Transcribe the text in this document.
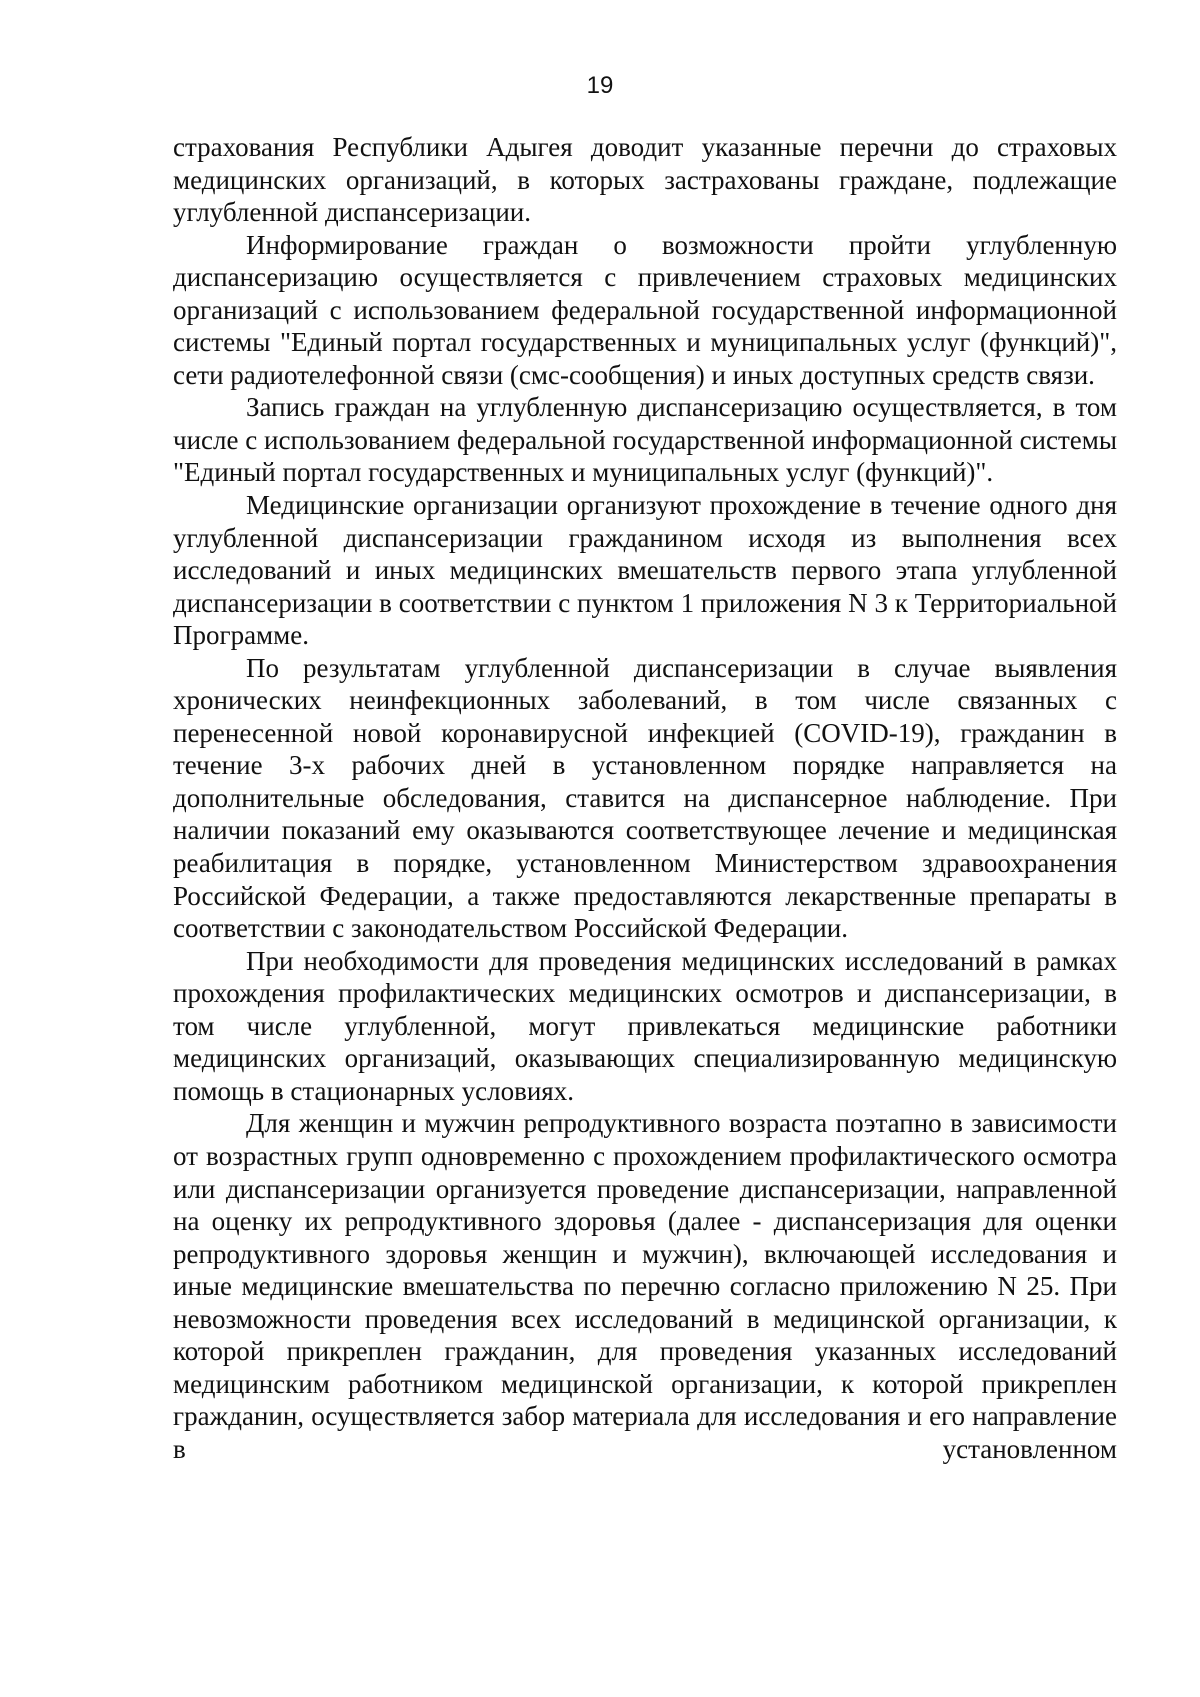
19

страхования Республики Адыгея доводит указанные перечни до страховых медицинских организаций, в которых застрахованы граждане, подлежащие углубленной диспансеризации.

Информирование граждан о возможности пройти углубленную диспансеризацию осуществляется с привлечением страховых медицинских организаций с использованием федеральной государственной информационной системы "Единый портал государственных и муниципальных услуг (функций)", сети радиотелефонной связи (смс-сообщения) и иных доступных средств связи.

Запись граждан на углубленную диспансеризацию осуществляется, в том числе с использованием федеральной государственной информационной системы "Единый портал государственных и муниципальных услуг (функций)".

Медицинские организации организуют прохождение в течение одного дня углубленной диспансеризации гражданином исходя из выполнения всех исследований и иных медицинских вмешательств первого этапа углубленной диспансеризации в соответствии с пунктом 1 приложения N 3 к Территориальной Программе.

По результатам углубленной диспансеризации в случае выявления хронических неинфекционных заболеваний, в том числе связанных с перенесенной новой коронавирусной инфекцией (COVID-19), гражданин в течение 3-х рабочих дней в установленном порядке направляется на дополнительные обследования, ставится на диспансерное наблюдение. При наличии показаний ему оказываются соответствующее лечение и медицинская реабилитация в порядке, установленном Министерством здравоохранения Российской Федерации, а также предоставляются лекарственные препараты в соответствии с законодательством Российской Федерации.

При необходимости для проведения медицинских исследований в рамках прохождения профилактических медицинских осмотров и диспансеризации, в том числе углубленной, могут привлекаться медицинские работники медицинских организаций, оказывающих специализированную медицинскую помощь в стационарных условиях.

Для женщин и мужчин репродуктивного возраста поэтапно в зависимости от возрастных групп одновременно с прохождением профилактического осмотра или диспансеризации организуется проведение диспансеризации, направленной на оценку их репродуктивного здоровья (далее - диспансеризация для оценки репродуктивного здоровья женщин и мужчин), включающей исследования и иные медицинские вмешательства по перечню согласно приложению N 25. При невозможности проведения всех исследований в медицинской организации, к которой прикреплен гражданин, для проведения указанных исследований медицинским работником медицинской организации, к которой прикреплен гражданин, осуществляется забор материала для исследования и его направление в установленном
